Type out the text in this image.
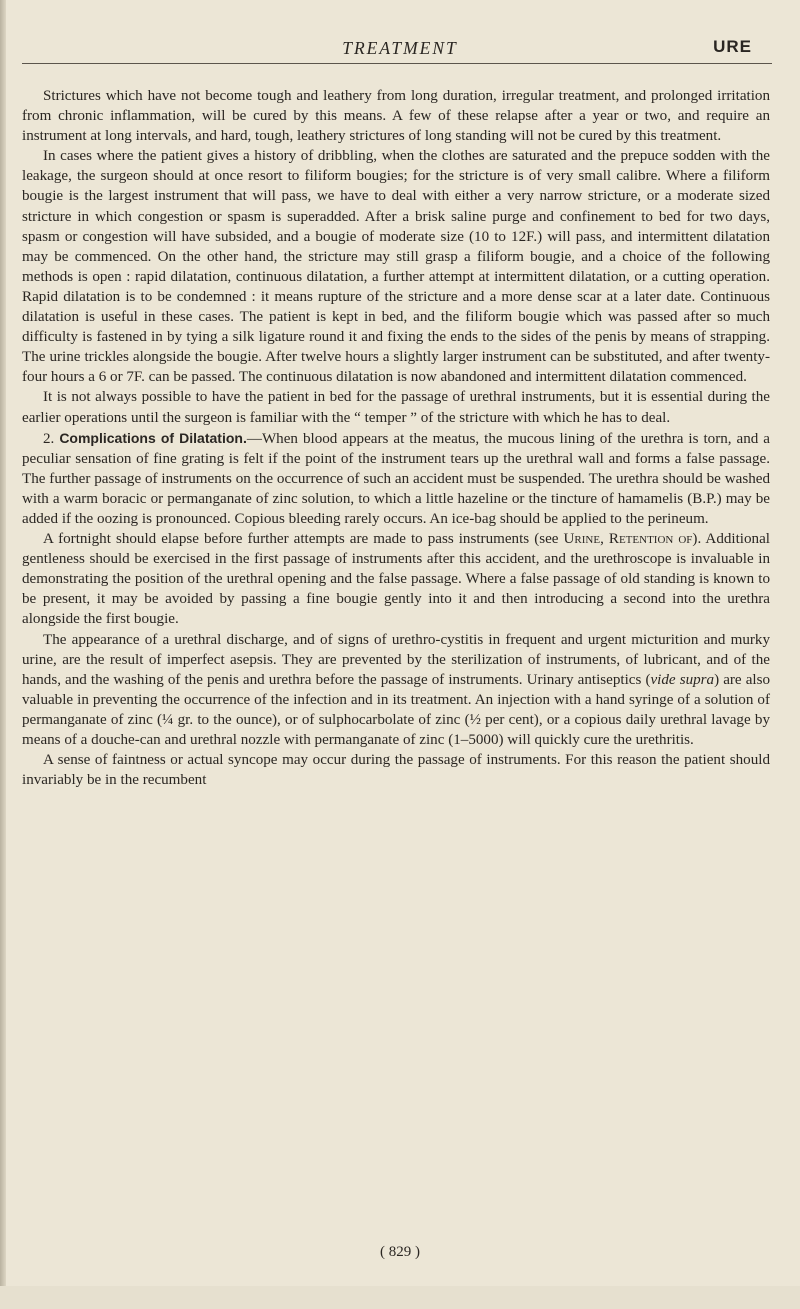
TREATMENT	URE

Strictures which have not become tough and leathery from long duration, irregular treatment, and prolonged irritation from chronic inflammation, will be cured by this means. A few of these relapse after a year or two, and require an instrument at long intervals, and hard, tough, leathery strictures of long standing will not be cured by this treatment.

In cases where the patient gives a history of dribbling, when the clothes are saturated and the prepuce sodden with the leakage, the surgeon should at once resort to filiform bougies; for the stricture is of very small calibre. Where a filiform bougie is the largest instrument that will pass, we have to deal with either a very narrow stricture, or a moderate sized stricture in which congestion or spasm is superadded. After a brisk saline purge and confinement to bed for two days, spasm or congestion will have subsided, and a bougie of moderate size (10 to 12F.) will pass, and intermittent dilatation may be commenced. On the other hand, the stricture may still grasp a filiform bougie, and a choice of the following methods is open : rapid dilatation, continuous dilatation, a further attempt at intermittent dilatation, or a cutting operation. Rapid dilatation is to be condemned : it means rupture of the stricture and a more dense scar at a later date. Continuous dilatation is useful in these cases. The patient is kept in bed, and the filiform bougie which was passed after so much difficulty is fastened in by tying a silk ligature round it and fixing the ends to the sides of the penis by means of strapping. The urine trickles alongside the bougie. After twelve hours a slightly larger instrument can be substituted, and after twenty-four hours a 6 or 7F. can be passed. The continuous dilatation is now abandoned and intermittent dilatation commenced.

It is not always possible to have the patient in bed for the passage of urethral instruments, but it is essential during the earlier operations until the surgeon is familiar with the “ temper ” of the stricture with which he has to deal.

2. Complications of Dilatation.—When blood appears at the meatus, the mucous lining of the urethra is torn, and a peculiar sensation of fine grating is felt if the point of the instrument tears up the urethral wall and forms a false passage. The further passage of instruments on the occurrence of such an accident must be suspended. The urethra should be washed with a warm boracic or permanganate of zinc solution, to which a little hazeline or the tincture of hamamelis (B.P.) may be added if the oozing is pronounced. Copious bleeding rarely occurs. An ice-bag should be applied to the perineum.

A fortnight should elapse before further attempts are made to pass instruments (see Urine, Retention of). Additional gentleness should be exercised in the first passage of instruments after this accident, and the urethroscope is invaluable in demonstrating the position of the urethral opening and the false passage. Where a false passage of old standing is known to be present, it may be avoided by passing a fine bougie gently into it and then introducing a second into the urethra alongside the first bougie.

The appearance of a urethral discharge, and of signs of urethro-cystitis in frequent and urgent micturition and murky urine, are the result of imperfect asepsis. They are prevented by the sterilization of instruments, of lubricant, and of the hands, and the washing of the penis and urethra before the passage of instruments. Urinary antiseptics (vide supra) are also valuable in preventing the occurrence of the infection and in its treatment. An injection with a hand syringe of a solution of permanganate of zinc (¼ gr. to the ounce), or of sulphocarbolate of zinc (½ per cent), or a copious daily urethral lavage by means of a douche-can and urethral nozzle with permanganate of zinc (1–5000) will quickly cure the urethritis.

A sense of faintness or actual syncope may occur during the passage of instruments. For this reason the patient should invariably be in the recumbent

( 829 )
